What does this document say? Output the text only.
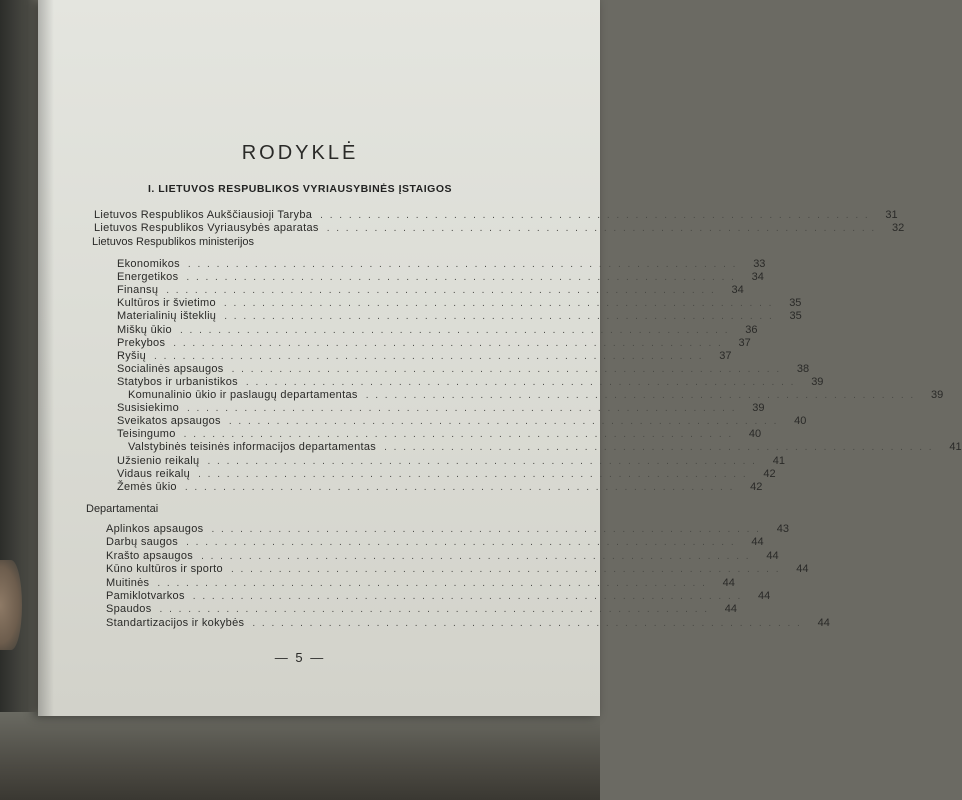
RODYKLĖ
I. LIETUVOS RESPUBLIKOS VYRIAUSYBINĖS ĮSTAIGOS
Lietuvos Respublikos Aukščiausioji Taryba . . . . . . . . . . . . . . . . . . . . . . . . . . . . . . . . . . . . . . . . . . . . . . . . . . . . . . . . . .	31
Lietuvos Respublikos Vyriausybės aparatas . . . . . . . . . . . . . . . . . . . . . . . . . . . . . . . . . . . . . . . . . . . . . . . . . . . . . . . . . .	32
Ekonomikos . . . . . . . . . . . . . . . . . . . . . . . . . . . . . . . . . . . . . . . . . . . . . . . . . . . . . . . . . .	33
Energetikos . . . . . . . . . . . . . . . . . . . . . . . . . . . . . . . . . . . . . . . . . . . . . . . . . . . . . . . . . .	34
Finansų . . . . . . . . . . . . . . . . . . . . . . . . . . . . . . . . . . . . . . . . . . . . . . . . . . . . . . . . . .	34
Kultūros ir švietimo . . . . . . . . . . . . . . . . . . . . . . . . . . . . . . . . . . . . . . . . . . . . . . . . . . . . . . . . . .	35
Materialinių išteklių . . . . . . . . . . . . . . . . . . . . . . . . . . . . . . . . . . . . . . . . . . . . . . . . . . . . . . . . . .	35
Miškų ūkio . . . . . . . . . . . . . . . . . . . . . . . . . . . . . . . . . . . . . . . . . . . . . . . . . . . . . . . . . .	36
Prekybos . . . . . . . . . . . . . . . . . . . . . . . . . . . . . . . . . . . . . . . . . . . . . . . . . . . . . . . . . .	37
Ryšių . . . . . . . . . . . . . . . . . . . . . . . . . . . . . . . . . . . . . . . . . . . . . . . . . . . . . . . . . .	37
Socialinės apsaugos . . . . . . . . . . . . . . . . . . . . . . . . . . . . . . . . . . . . . . . . . . . . . . . . . . . . . . . . . .	38
Statybos ir urbanistikos . . . . . . . . . . . . . . . . . . . . . . . . . . . . . . . . . . . . . . . . . . . . . . . . . . . . . . . . . .	39
Komunalinio ūkio ir paslaugų departamentas . . . . . . . . . . . . . . . . . . . . . . . . . . . . . . . . . . . . . . . . . . . . . . . . . . . . . . . . . .	39
Susisiekimo . . . . . . . . . . . . . . . . . . . . . . . . . . . . . . . . . . . . . . . . . . . . . . . . . . . . . . . . . .	39
Sveikatos apsaugos . . . . . . . . . . . . . . . . . . . . . . . . . . . . . . . . . . . . . . . . . . . . . . . . . . . . . . . . . .	40
Teisingumo . . . . . . . . . . . . . . . . . . . . . . . . . . . . . . . . . . . . . . . . . . . . . . . . . . . . . . . . . .	40
Valstybinės teisinės informacijos departamentas . . . . . . . . . . . . . . . . . . . . . . . . . . . . . . . . . . . . . . . . . . . . . . . . . . . . . . . . . .	41
Užsienio reikalų . . . . . . . . . . . . . . . . . . . . . . . . . . . . . . . . . . . . . . . . . . . . . . . . . . . . . . . . . .	41
Vidaus reikalų . . . . . . . . . . . . . . . . . . . . . . . . . . . . . . . . . . . . . . . . . . . . . . . . . . . . . . . . . .	42
Žemės ūkio . . . . . . . . . . . . . . . . . . . . . . . . . . . . . . . . . . . . . . . . . . . . . . . . . . . . . . . . . .	42
Aplinkos apsaugos . . . . . . . . . . . . . . . . . . . . . . . . . . . . . . . . . . . . . . . . . . . . . . . . . . . . . . . . . .	43
Darbų saugos . . . . . . . . . . . . . . . . . . . . . . . . . . . . . . . . . . . . . . . . . . . . . . . . . . . . . . . . . .	44
Krašto apsaugos . . . . . . . . . . . . . . . . . . . . . . . . . . . . . . . . . . . . . . . . . . . . . . . . . . . . . . . . . .	44
Kūno kultūros ir sporto . . . . . . . . . . . . . . . . . . . . . . . . . . . . . . . . . . . . . . . . . . . . . . . . . . . . . . . . . .	44
Muitinės . . . . . . . . . . . . . . . . . . . . . . . . . . . . . . . . . . . . . . . . . . . . . . . . . . . . . . . . . .	44
Pamiklotvarkos . . . . . . . . . . . . . . . . . . . . . . . . . . . . . . . . . . . . . . . . . . . . . . . . . . . . . . . . . .	44
Spaudos . . . . . . . . . . . . . . . . . . . . . . . . . . . . . . . . . . . . . . . . . . . . . . . . . . . . . . . . . .	44
Standartizacijos ir kokybės . . . . . . . . . . . . . . . . . . . . . . . . . . . . . . . . . . . . . . . . . . . . . . . . . . . . . . . . . .	44
Lietuvos Respublikos ministerijos
Departamentai
— 5 —
